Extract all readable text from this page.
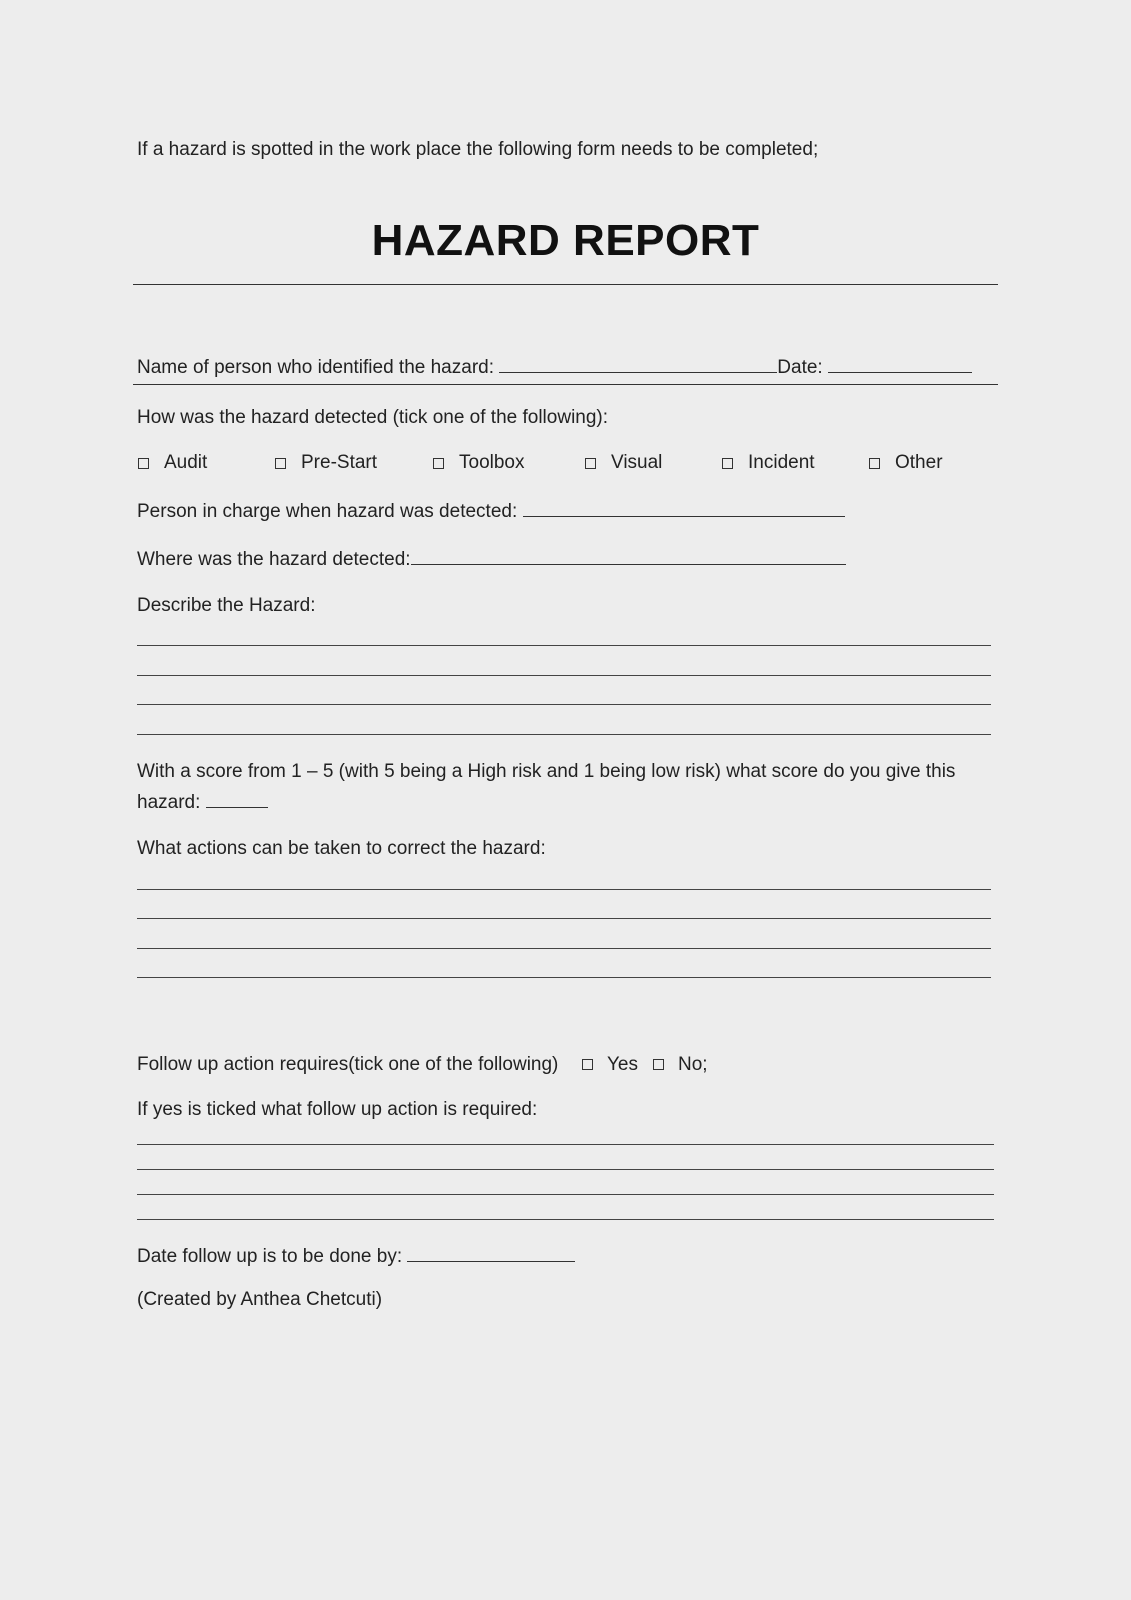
If a hazard is spotted in the work place the following form needs to be completed;
HAZARD REPORT
Name of person who identified the hazard:	Date:
How was the hazard detected (tick one of the following):
Audit	Pre-Start	Toolbox	Visual	Incident	Other
Person in charge when hazard was detected:
Where was the hazard detected:
Describe the Hazard:
With a score from 1 – 5 (with 5 being a High risk and 1 being low risk) what score do you give this
hazard:
What actions can be taken to correct the hazard:
Follow up action requires(tick one of the following)	Yes No;
If yes is ticked what follow up action is required:
Date follow up is to be done by:
(Created by Anthea Chetcuti)
